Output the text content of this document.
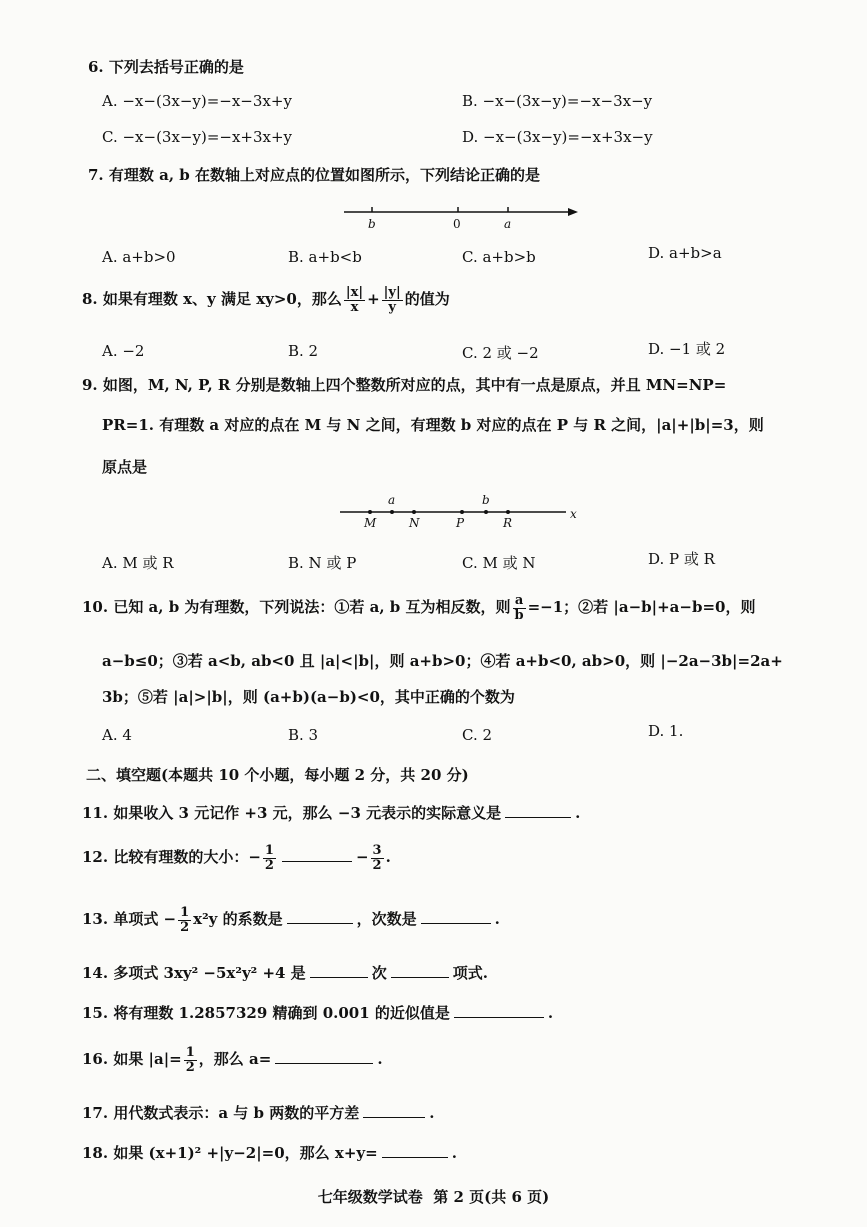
6. 下列去括号正确的是
A. −x−(3x−y)=−x−3x+y	B. −x−(3x−y)=−x−3x−y
C. −x−(3x−y)=−x+3x+y	D. −x−(3x−y)=−x+3x−y
7. 有理数 a, b 在数轴上对应点的位置如图所示，下列结论正确的是
b	0	a
A. a+b>0	B. a+b<b	C. a+b>b	D. a+b>a
8. 如果有理数 x、y 满足 xy>0，那么 $\frac{|x|}{x} + \frac{|y|}{y}$ 的值为
A. −2	B. 2	C. 2 或 −2	D. −1 或 2
9. 如图，M, N, P, R 分别是数轴上四个整数所对应的点，其中有一点是原点，并且 MN=NP=
PR=1. 有理数 a 对应的点在 M 与 N 之间，有理数 b 对应的点在 P 与 R 之间，|a|+|b|=3，则
原点是
a	b
M	N	P	R
x
A. M 或 R	B. N 或 P	C. M 或 N	D. P 或 R
10. 已知 a, b 为有理数，下列说法：①若 a, b 互为相反数，则 $\frac{a}{b} =-1$；②若 |a−b|+a−b=0，则
a−b≤0；③若 a<b, ab<0 且 |a|<|b|，则 a+b>0；④若 a+b<0, ab>0，则 |−2a−3b|=2a+
3b；⑤若 |a|>|b|，则 (a+b)(a−b)<0，其中正确的个数为
A. 4	B. 3	C. 2	D. 1.
二、填空题(本题共 10 个小题，每小题 2 分，共 20 分)
11. 如果收入 3 元记作 +3 元，那么 −3 元表示的实际意义是	.
12. 比较有理数的大小：− $\frac{1}{2}$	− $\frac{3}{2}$ .
13. 单项式 − $\frac{1}{2} x^2y$ 的系数是	，次数是	.
14. 多项式 3xy² −5x²y² +4 是	次	项式.
15. 将有理数 1.2857329 精确到 0.001 的近似值是	.
16. 如果 $|a|= \frac{1}{2}$ ，那么 a=	.
17. 用代数式表示：a 与 b 两数的平方差	.
18. 如果 (x+1)² +|y−2|=0，那么 x+y=	.
七年级数学试卷  第 2 页(共 6 页)
